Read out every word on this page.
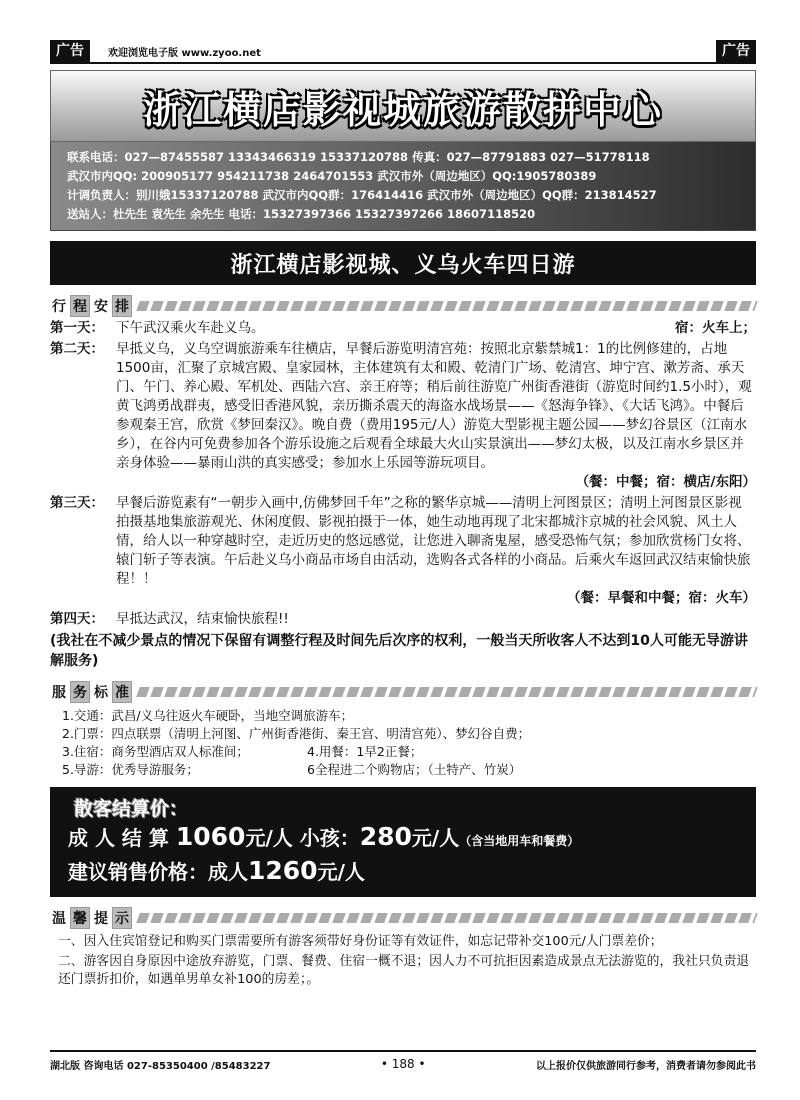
广告	欢迎浏览电子版 www.zyoo.net	广告
浙江横店影视城旅游散拼中心
联系电话：027—87455587 13343466319 15337120788 传真：027—87791883 027—51778118
武汉市内QQ: 200905177 954211738 2464701553 武汉市外（周边地区）QQ:1905780389
计调负责人：别川娥15337120788 武汉市内QQ群：176414416 武汉市外（周边地区）QQ群：213814527
送站人：杜先生 袁先生 余先生 电话：15327397366 15327397266 18607118520
浙江横店影视城、义乌火车四日游
行 程 安 排
第一天： 下午武汉乘火车赴义乌。	宿：火车上；
第二天： 早抵义乌，义乌空调旅游乘车往横店，早餐后游览明清宫苑：按照北京紫禁城1：1的比例修建的，占地1500亩，汇聚了京城宫殿、皇家园林，主体建筑有太和殿、乾清门广场、乾清宫、坤宁宫、漱芳斋、承天门、午门、养心殿、军机处、西陆六宫、亲王府等；稍后前往游览广州街香港街（游览时间约1.5小时），观黄飞鸿勇战群夷，感受旧香港风貌，亲历撕杀震天的海盗水战场景——《怒海争锋》、《大话飞鸿》。中餐后参观秦王宫，欣赏《梦回秦汉》。晚自费（费用195元/人）游览大型影视主题公园——梦幻谷景区（江南水乡），在谷内可免费参加各个游乐设施之后观看全球最大火山实景演出——梦幻太极，以及江南水乡景区并亲身体验——暴雨山洪的真实感受；参加水上乐园等游玩项目。
（餐：中餐；宿：横店/东阳）
第三天： 早餐后游览素有“一朝步入画中,仿佛梦回千年”之称的繁华京城——清明上河图景区；清明上河图景区影视拍摄基地集旅游观光、休闲度假、影视拍摄于一体，她生动地再现了北宋都城汴京城的社会风貌、风土人情，给人以一种穿越时空，走近历史的悠远感觉，让您进入聊斋鬼屋，感受恐怖气氛；参加欣赏杨门女将、辕门斩子等表演。午后赴义乌小商品市场自由活动，选购各式各样的小商品。后乘火车返回武汉结束愉快旅程！！
（餐：早餐和中餐；宿：火车）
第四天： 早抵达武汉，结束愉快旅程!!
(我社在不减少景点的情况下保留有调整行程及时间先后次序的权利，一般当天所收客人不达到10人可能无导游讲解服务)
服 务 标 准
1.交通：武昌/义乌往返火车硬卧，当地空调旅游车；
2.门票：四点联票（清明上河图、广州街香港街、秦王宫、明清宫苑）、梦幻谷自费；
3.住宿：商务型酒店双人标准间；	4.用餐：1早2正餐；
5.导游：优秀导游服务；	6全程进二个购物店；（土特产、竹炭）
散客结算价：
成 人 结 算 1060元/人 小孩：280元/人（含当地用车和餐费）
建议销售价格：成人1260元/人
温 馨 提 示
一、因入住宾馆登记和购买门票需要所有游客须带好身份证等有效证件，如忘记带补交100元/人门票差价；
二、游客因自身原因中途放弃游览，门票、餐费、住宿一概不退；因人力不可抗拒因素造成景点无法游览的，我社只负责退还门票折扣价，如遇单男单女补100的房差；。
湖北版 咨询电话 027-85350400 /85483227	• 188 •	以上报价仅供旅游同行参考，消费者请勿参阅此书
